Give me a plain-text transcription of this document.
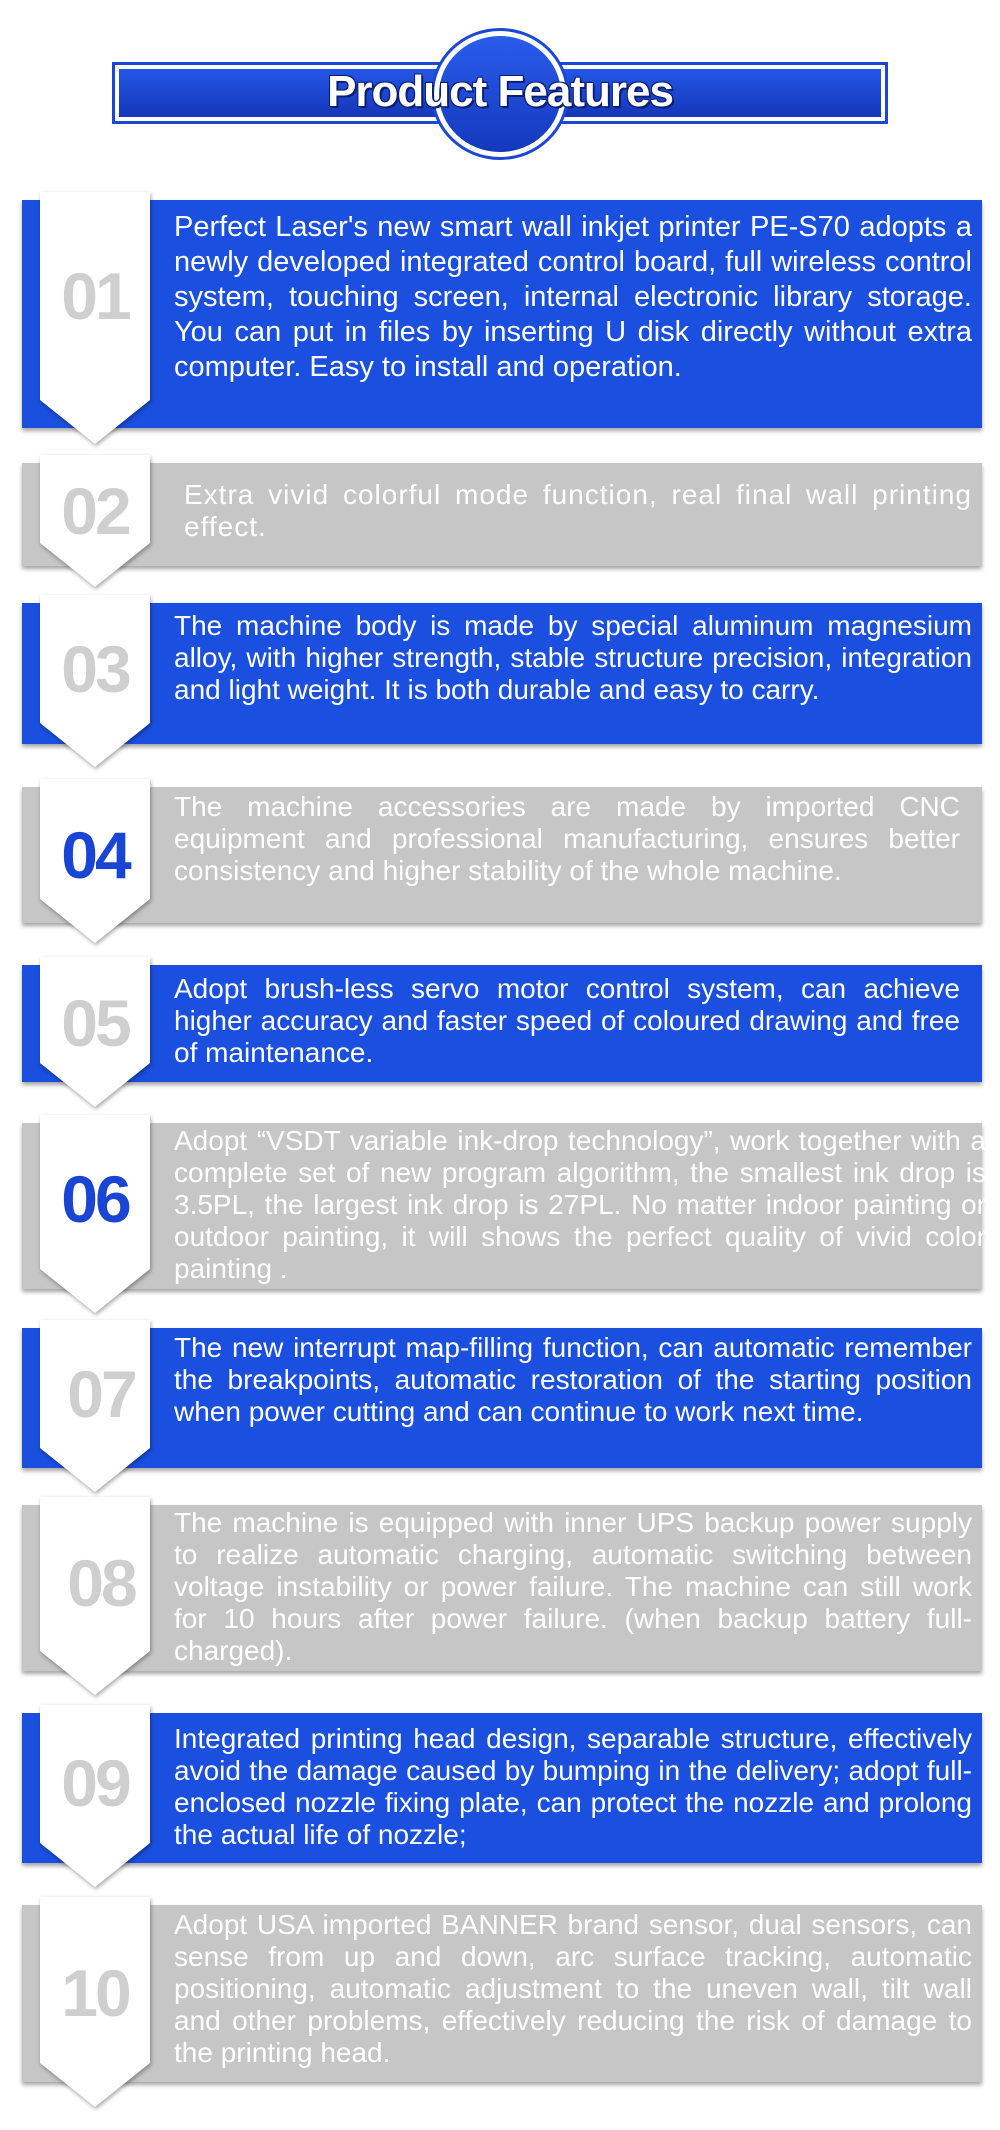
Product Features
01
Perfect Laser's new smart wall inkjet printer PE-S70 adopts a newly developed integrated control board, full wireless control system, touching screen, internal electronic library storage. You can put in files by inserting U disk directly without extra computer. Easy to install and operation.
02	Extra vivid colorful mode function, real final wall printing effect.
03
The machine body is made by special aluminum magnesium alloy, with higher strength, stable structure precision, integration and light weight. It is both durable and easy to carry.
04
The machine accessories are made by imported CNC equipment and professional manufacturing, ensures better consistency and higher stability of the whole machine.
05	Adopt brush-less servo motor control system, can achieve higher accuracy and faster speed of coloured drawing and free of maintenance.
06
Adopt “VSDT variable ink-drop technology”, work together with a complete set of new program algorithm, the smallest ink drop is 3.5PL, the largest ink drop is 27PL. No matter indoor painting or outdoor painting, it will shows the perfect quality of vivid color painting .
07
The new interrupt map-filling function, can automatic remember the breakpoints, automatic restoration of the starting position when power cutting and can continue to work next time.
08
The machine is equipped with inner UPS backup power supply to realize automatic charging, automatic switching between voltage instability or power failure. The machine can still work for 10 hours after power failure. (when backup battery full-charged).
09
Integrated printing head design, separable structure, effectively avoid the damage caused by bumping in the delivery; adopt full-enclosed nozzle fixing plate, can protect the nozzle and prolong the actual life of nozzle;
10
Adopt USA imported BANNER brand sensor, dual sensors, can sense from up and down, arc surface tracking, automatic positioning, automatic adjustment to the uneven wall, tilt wall and other problems, effectively reducing the risk of damage to the printing head.
